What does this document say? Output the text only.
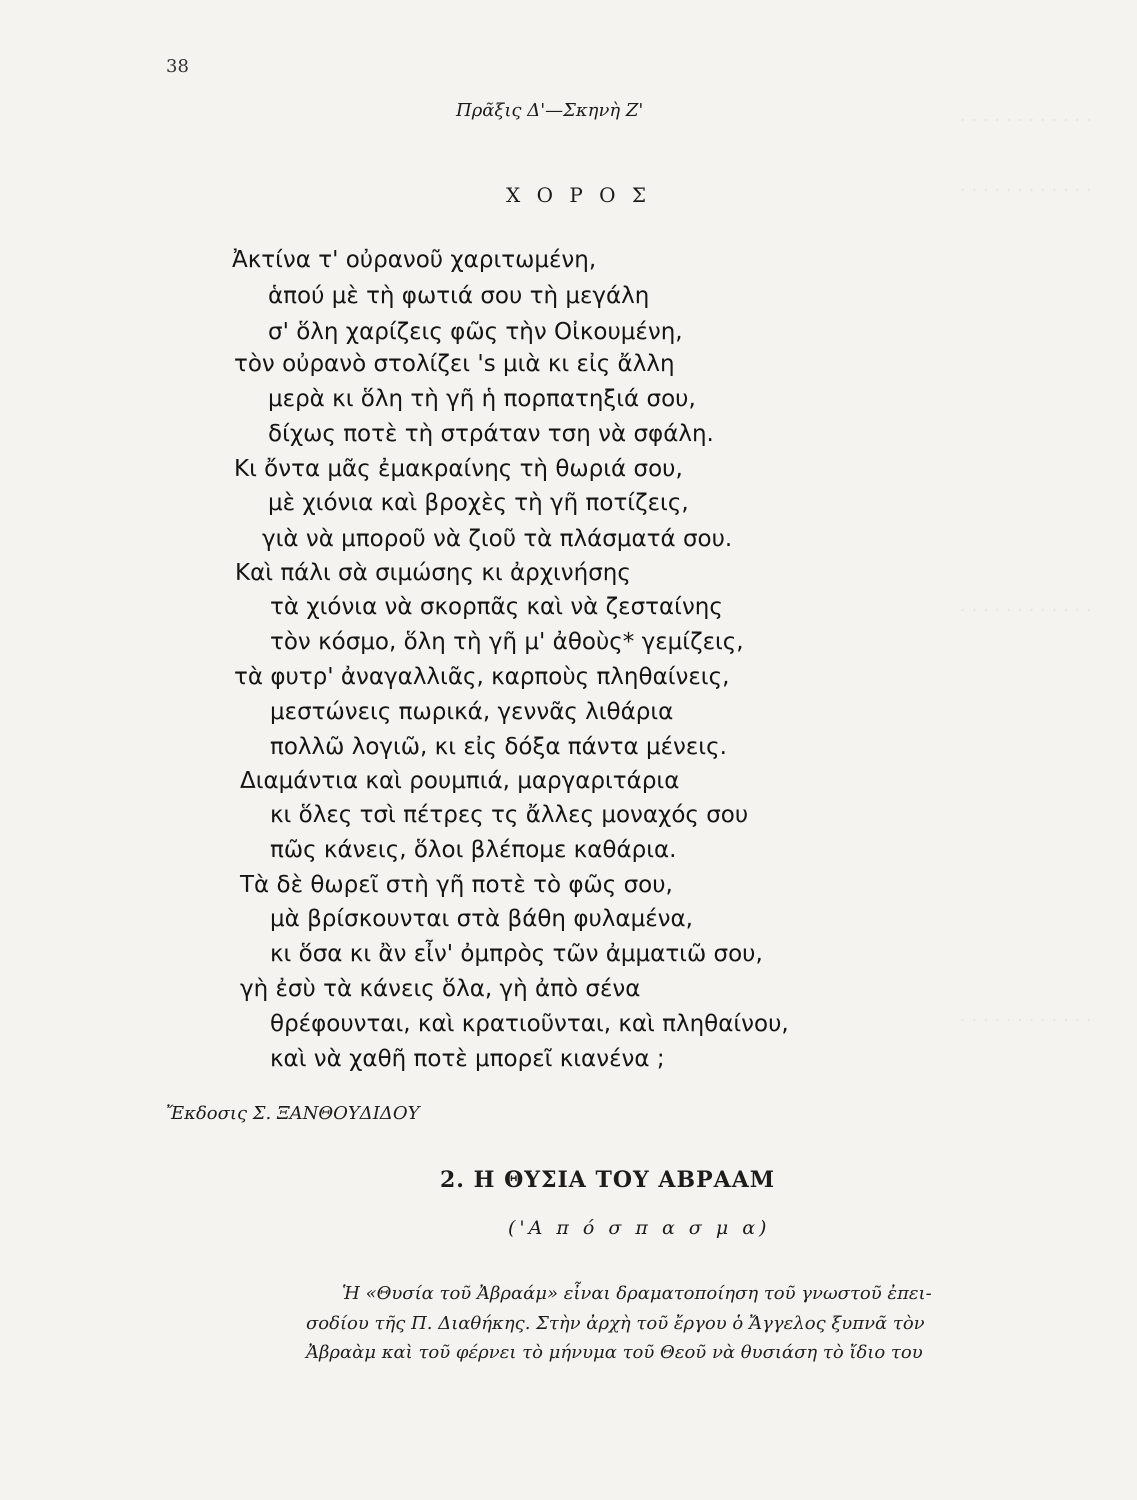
· · · · · · · · · · · ·
· · · · · · · · · · · ·
· · · · · · · · · · · ·
· · · · · · · · · · · ·
38
Πρᾶξις Δ'—Σκηνὴ Ζ'
Χ Ο Ρ Ο Σ
Ἀκτίνα τ' οὐρανοῦ χαριτωμένη,
ἁπού μὲ τὴ φωτιά σου τὴ μεγάλη
σ' ὅλη χαρίζεις φῶς τὴν Οἰκουμένη,
τὸν οὐρανὸ στολίζει 's μιὰ κι εἰς ἄλλη
μερὰ κι ὅλη τὴ γῆ ἡ πορπατηξιά σου,
δίχως ποτὲ τὴ στράταν τση νὰ σφάλη.
Κι ὄντα μᾶς ἐμακραίνης τὴ θωριά σου,
μὲ χιόνια καὶ βροχὲς τὴ γῆ ποτίζεις,
γιὰ νὰ μποροῦ νὰ ζιοῦ τὰ πλάσματά σου.
Καὶ πάλι σὰ σιμώσης κι ἀρχινήσης
τὰ χιόνια νὰ σκορπᾶς καὶ νὰ ζεσταίνης
τὸν κόσμο, ὅλη τὴ γῆ μ' ἀθοὺς* γεμίζεις,
τὰ φυτρ' ἀναγαλλιᾶς, καρποὺς πληθαίνεις,
μεστώνεις πωρικά, γεννᾶς λιθάρια
πολλῶ λογιῶ, κι εἰς δόξα πάντα μένεις.
Διαμάντια καὶ ρουμπιά, μαργαριτάρια
κι ὅλες τσὶ πέτρες τς ἄλλες μοναχός σου
πῶς κάνεις, ὅλοι βλέπομε καθάρια.
Τὰ δὲ θωρεῖ στὴ γῆ ποτὲ τὸ φῶς σου,
μὰ βρίσκουνται στὰ βάθη φυλαμένα,
κι ὅσα κι ἂν εἶν' ὀμπρὸς τῶν ἀμματιῶ σου,
γὴ ἐσὺ τὰ κάνεις ὅλα, γὴ ἀπὸ σένα
θρέφουνται, καὶ κρατιοῦνται, καὶ πληθαίνου,
καὶ νὰ χαθῆ ποτὲ μπορεῖ κιανένα ;
Ἔκδοσις Σ. ΞΑΝΘΟΥΔΙΔΟΥ
2. Η ΘΥΣΙΑ ΤΟΥ ΑΒΡΑΑΜ
('Α π ό σ π α σ μ α)
Ἡ «Θυσία τοῦ Ἀβραάμ» εἶναι δραματοποίηση τοῦ γνωστοῦ ἐπει-
σοδίου τῆς Π. Διαθήκης. Στὴν ἀρχὴ τοῦ ἔργου ὁ Ἄγγελος ξυπνᾶ τὸν
Ἀβραὰμ καὶ τοῦ φέρνει τὸ μήνυμα τοῦ Θεοῦ νὰ θυσιάση τὸ ἴδιο του
